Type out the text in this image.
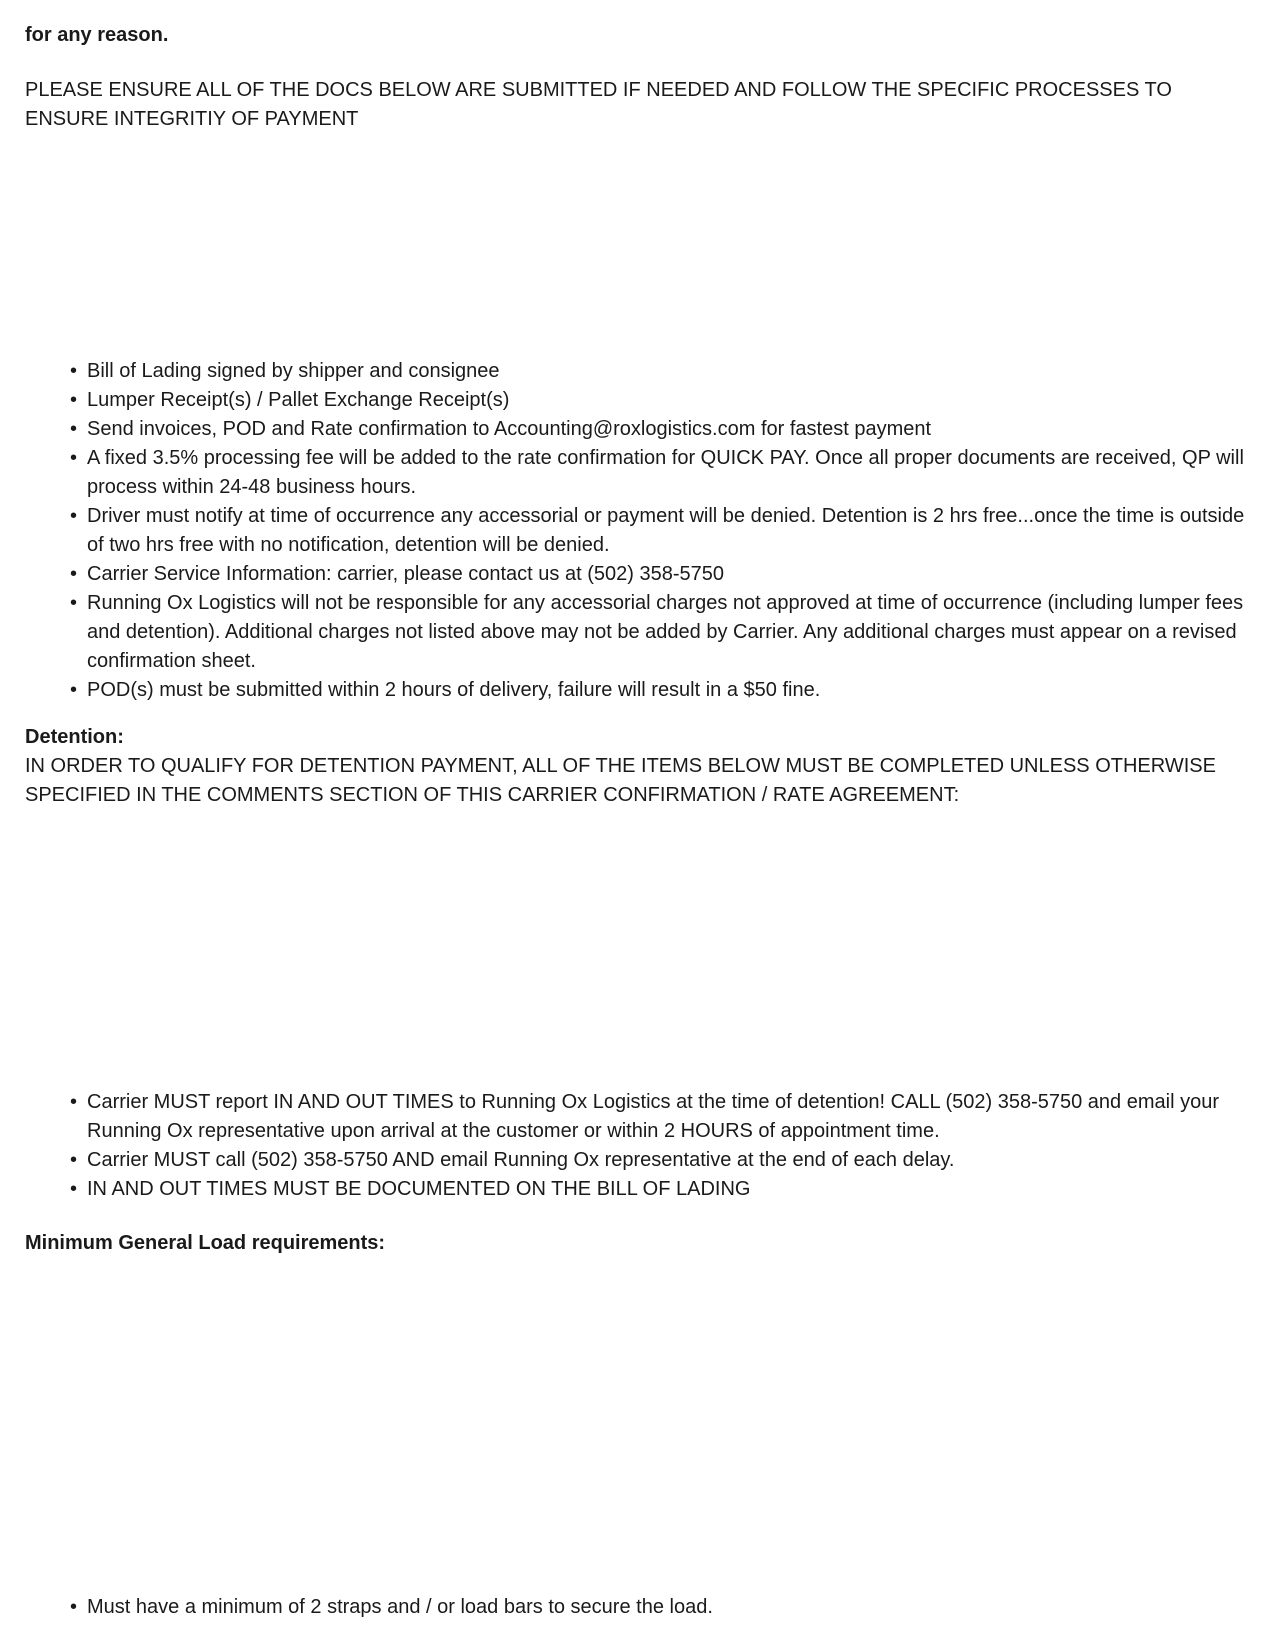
for any reason.

PLEASE ENSURE ALL OF THE DOCS BELOW ARE SUBMITTED IF NEEDED AND FOLLOW THE SPECIFIC PROCESSES TO ENSURE INTEGRITIY OF PAYMENT

• Bill of Lading signed by shipper and consignee
• Lumper Receipt(s) / Pallet Exchange Receipt(s)
• Send invoices, POD and Rate confirmation to Accounting@roxlogistics.com for fastest payment
• A fixed 3.5% processing fee will be added to the rate confirmation for QUICK PAY. Once all proper documents are received, QP will process within 24-48 business hours.
• Driver must notify at time of occurrence any accessorial or payment will be denied. Detention is 2 hrs free...once the time is outside of two hrs free with no notification, detention will be denied.
• Carrier Service Information: carrier, please contact us at (502) 358-5750
• Running Ox Logistics will not be responsible for any accessorial charges not approved at time of occurrence (including lumper fees and detention). Additional charges not listed above may not be added by Carrier. Any additional charges must appear on a revised confirmation sheet.
• POD(s) must be submitted within 2 hours of delivery, failure will result in a $50 fine.

Detention:

IN ORDER TO QUALIFY FOR DETENTION PAYMENT, ALL OF THE ITEMS BELOW MUST BE COMPLETED UNLESS OTHERWISE SPECIFIED IN THE COMMENTS SECTION OF THIS CARRIER CONFIRMATION / RATE AGREEMENT:

• Carrier MUST report IN AND OUT TIMES to Running Ox Logistics at the time of detention! CALL (502) 358-5750 and email your Running Ox representative upon arrival at the customer or within 2 HOURS of appointment time.
• Carrier MUST call (502) 358-5750 AND email Running Ox representative at the end of each delay.
• IN AND OUT TIMES MUST BE DOCUMENTED ON THE BILL OF LADING

Minimum General Load requirements:

• Must have a minimum of 2 straps and / or load bars to secure the load.
